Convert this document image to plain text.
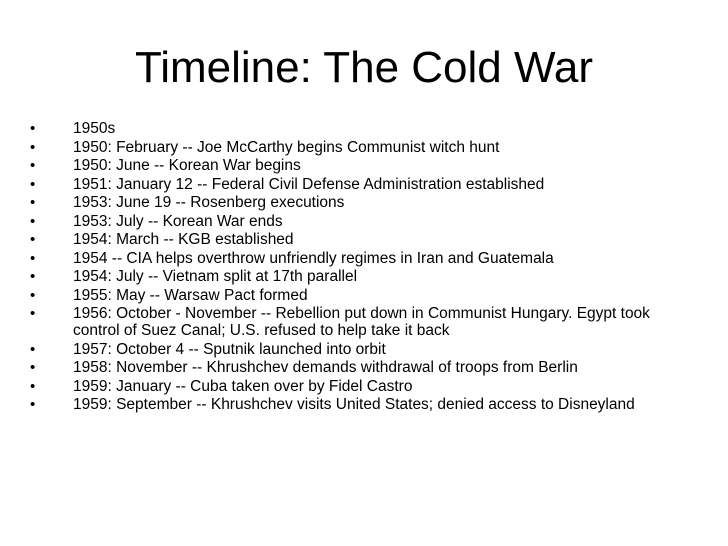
Timeline: The Cold War
•	1950s
•	1950: February -- Joe McCarthy begins Communist witch hunt
•	1950: June -- Korean War begins
•	1951: January 12 -- Federal Civil Defense Administration established
•	1953: June 19 -- Rosenberg executions
•	1953: July -- Korean War ends
•	1954: March -- KGB established
•	1954 -- CIA helps overthrow unfriendly regimes in Iran and Guatemala
•	1954: July -- Vietnam split at 17th parallel
•	1955: May -- Warsaw Pact formed
•	1956: October - November -- Rebellion put down in Communist Hungary. Egypt took control of Suez Canal; U.S. refused to help take it back
•	1957: October 4 -- Sputnik launched into orbit
•	1958: November -- Khrushchev demands withdrawal of troops from Berlin
•	1959: January -- Cuba taken over by Fidel Castro
•	1959: September -- Khrushchev visits United States; denied access to Disneyland
